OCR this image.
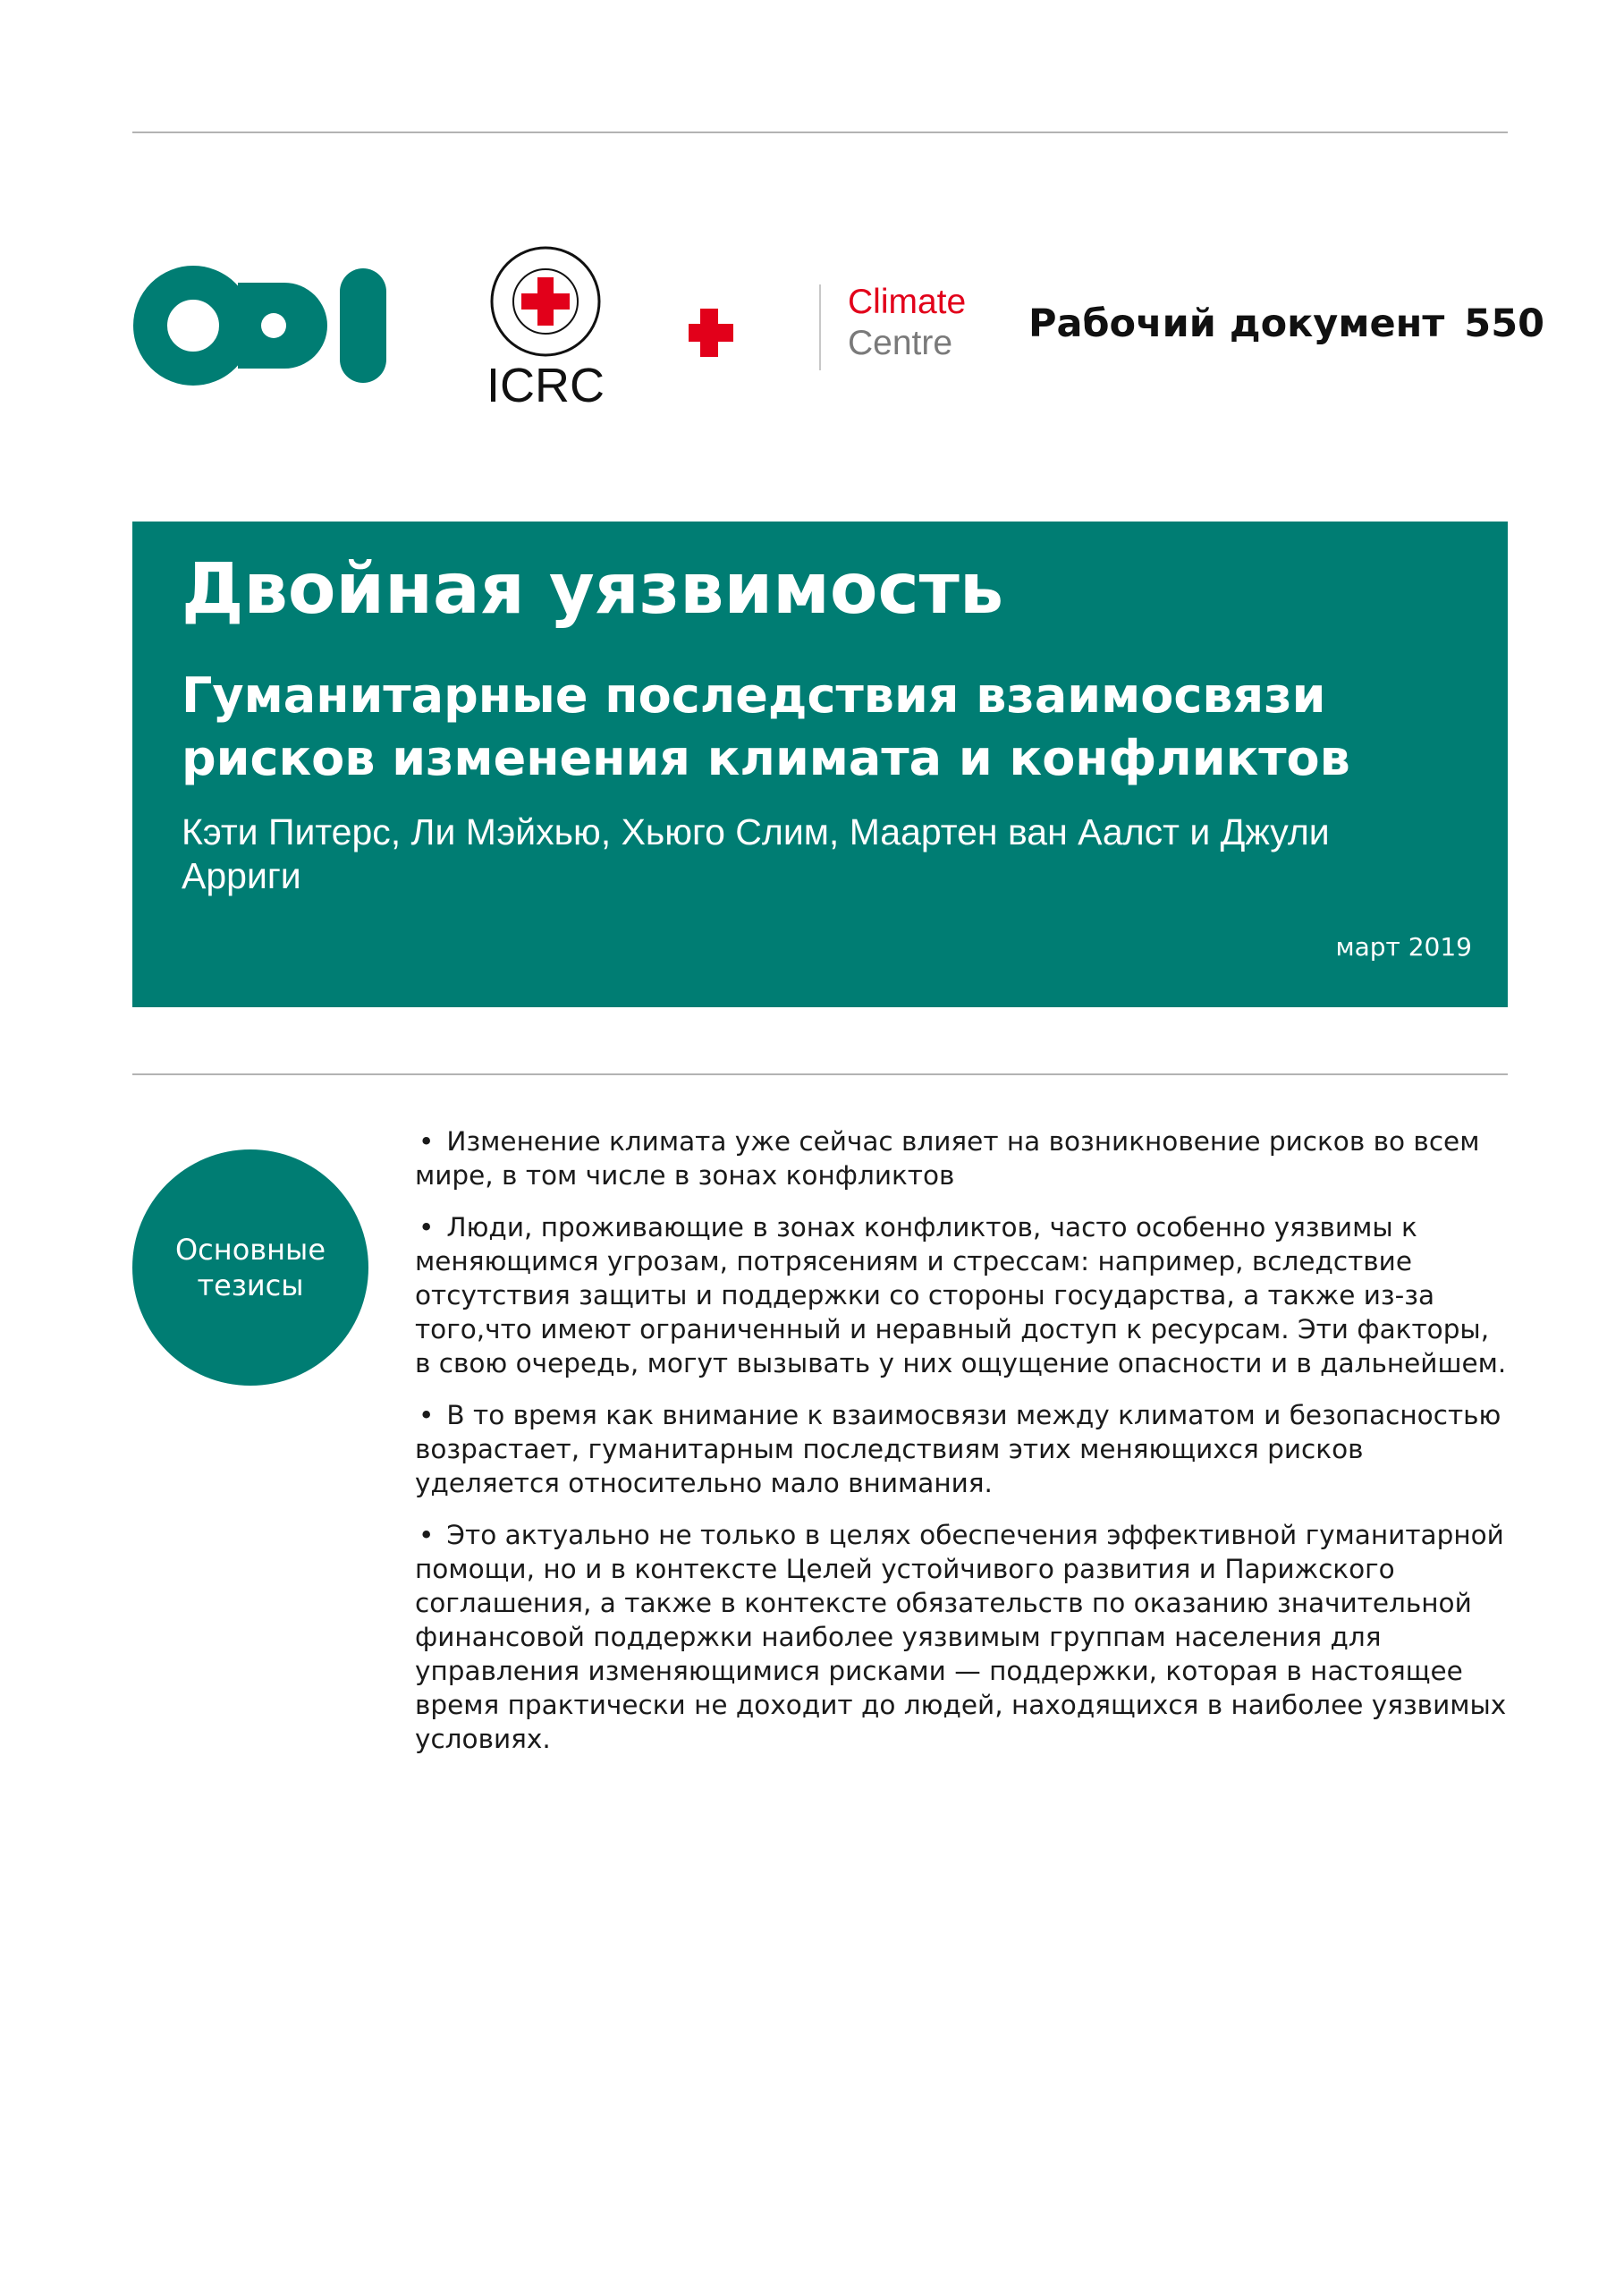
ICRC
Climate
Centre Рабочий документ 550
Двойная уязвимость
Гуманитарные последствия взаимосвязи рисков изменения климата и конфликтов

Кэти Питерс, Ли Мэйхью, Хьюго Слим, Маартен ван Аалст и Джули Арриги

март 2019
Основные тезисы
• Изменение климата уже сейчас влияет на возникновение рисков во всем мире, в том числе в зонах конфликтов
• Люди, проживающие в зонах конфликтов, часто особенно уязвимы к меняющимся угрозам, потрясениям и стрессам: например, вследствие отсутствия защиты и поддержки со стороны государства, а также из-за того,что имеют ограниченный и неравный доступ к ресурсам. Эти факторы, в свою очередь, могут вызывать у них ощущение опасности и в дальнейшем.
• В то время как внимание к взаимосвязи между климатом и безопасностью возрастает, гуманитарным последствиям этих меняющихся рисков уделяется относительно мало внимания.
• Это актуально не только в целях обеспечения эффективной гуманитарной помощи, но и в контексте Целей устойчивого развития и Парижского соглашения, а также в контексте обязательств по оказанию значительной финансовой поддержки наиболее уязвимым группам населения для управления изменяющимися рисками — поддержки, которая в настоящее время практически не доходит до людей, находящихся в наиболее уязвимых условиях.
